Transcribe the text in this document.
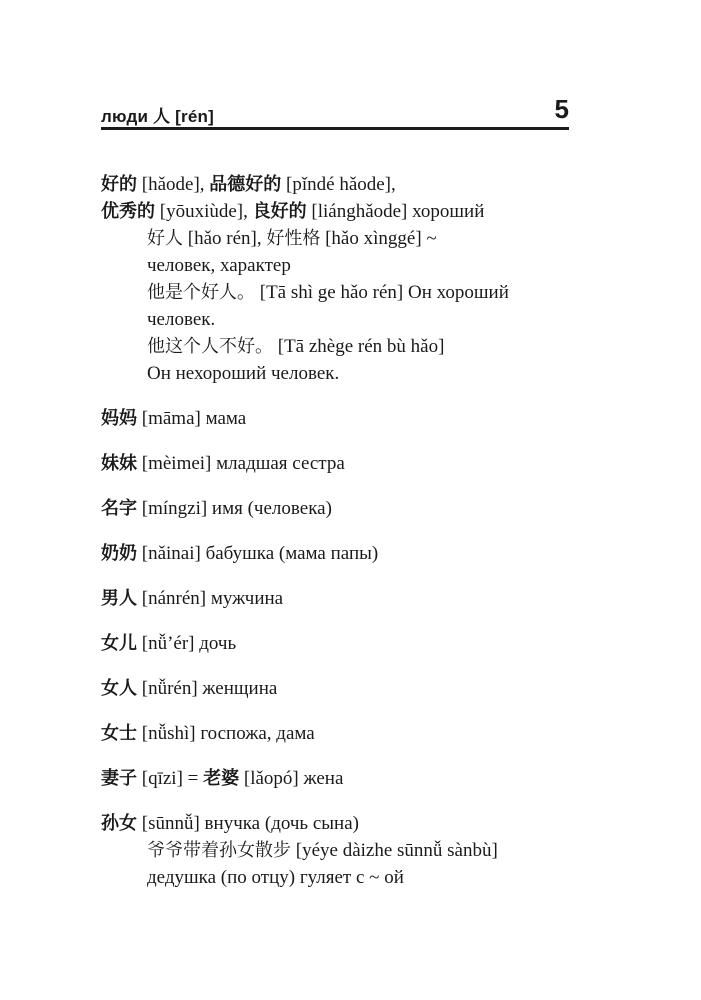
люди 人 [rén]	5
好的 [hǎode], 品德好的 [pǐndé hǎode],
优秀的 [yōuxiùde], 良好的 [liánghǎode] хороший
好人 [hǎo rén], 好性格 [hǎo xìnggé] ~
человек, характер
他是个好人。 [Tā shì ge hǎo rén] Он хороший
человек.
他这个人不好。 [Tā zhège rén bù hǎo]
Он нехороший человек.
妈妈 [māma] мама
妹妹 [mèimei] младшая сестра
名字 [míngzi] имя (человека)
奶奶 [nǎinai] бабушка (мама папы)
男人 [nánrén] мужчина
女儿 [nǚ’ér] дочь
女人 [nǚrén] женщина
女士 [nǚshì] госпожа, дама
妻子 [qīzi] = 老婆 [lǎopó] жена
孙女 [sūnnǚ] внучка (дочь сына)
爷爷带着孙女散步 [yéye dàizhe sūnnǚ sànbù]
дедушка (по отцу) гуляет с ~ ой
